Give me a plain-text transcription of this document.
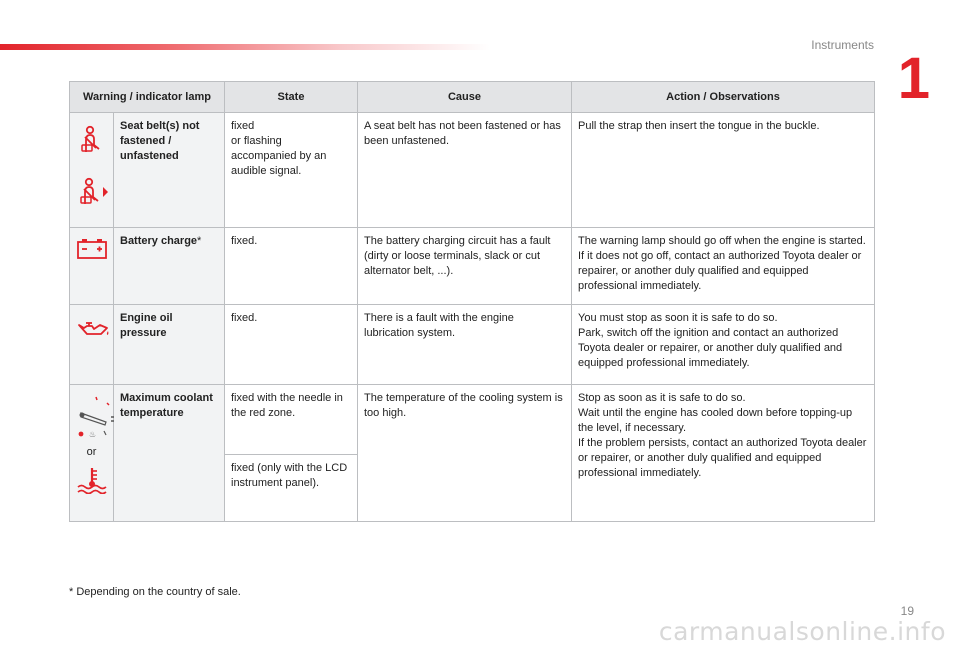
Instruments
1
Warning / indicator lamp		State	Cause	Action / Observations

	Seat belt(s) not fastened / unfastened	fixed
or flashing
accompanied by an audible signal.	A seat belt has not been fastened or has been unfastened.	Pull the strap then insert the tongue in the buckle.

	Battery charge*	fixed.	The battery charging circuit has a fault (dirty or loose terminals, slack or cut alternator belt, ...).	The warning lamp should go off when the engine is started.
If it does not go off, contact an authorized Toyota dealer or repairer, or another duly qualified and equipped professional immediately.

	Engine oil pressure	fixed.	There is a fault with the engine lubrication system.	You must stop as soon it is safe to do so.
Park, switch off the ignition and contact an authorized Toyota dealer or repairer, or another duly qualified and equipped professional immediately.

♨
or	Maximum coolant temperature	fixed with the needle in the red zone.	The temperature of the cooling system is too high.	Stop as soon as it is safe to do so.
Wait until the engine has cooled down before topping-up the level, if necessary.
If the problem persists, contact an authorized Toyota dealer or repairer, or another duly qualified and equipped professional immediately.
		fixed (only with the LCD instrument panel).		
* Depending on the country of sale.
19
carmanualsonline.info
